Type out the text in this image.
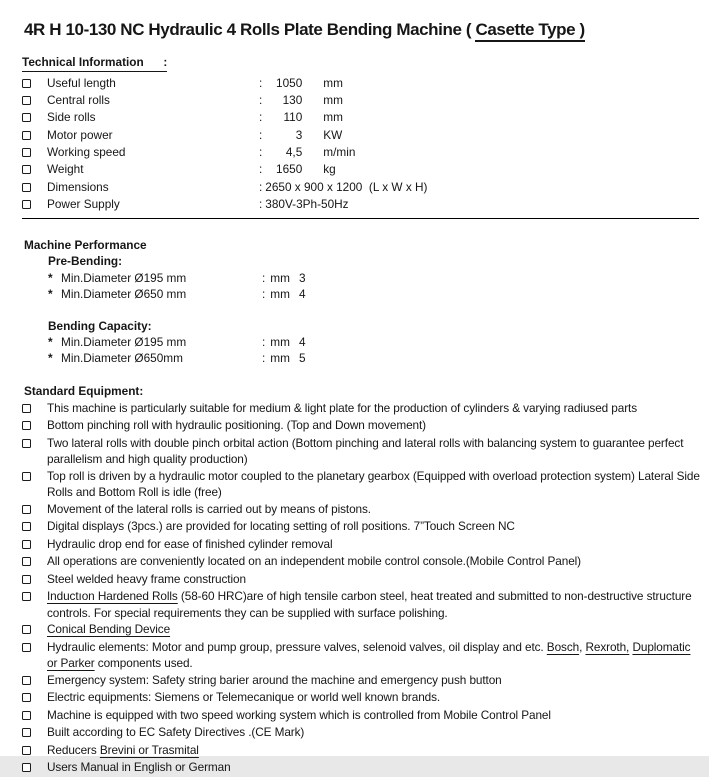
4R H 10-130 NC Hydraulic 4 Rolls Plate Bending Machine ( Casette Type )
Technical Information      :
Useful length	: 1050 mm
Central rolls	: 130 mm
Side rolls	: 110 mm
Motor power	:	3 KW
Working speed	: 4,5 m/min
Weight	: 1650 kg
Dimensions	: 2650 x 900 x 1200  (L x W x H)
Power Supply	: 380V-3Ph-50Hz
Machine Performance
Pre-Bending:
* Min.Diameter Ø195 mm	: mm 3
* Min.Diameter Ø650 mm	: mm 4
Bending Capacity:
* Min.Diameter Ø195 mm	: mm 4
* Min.Diameter Ø650mm	: mm 5
Standard Equipment:
This machine is particularly suitable for medium & light plate for the production of cylinders & varying radiused parts
Bottom pinching roll with hydraulic positioning. (Top and Down movement)
Two lateral rolls with double pinch orbital action (Bottom pinching and lateral rolls with balancing system to guarantee perfect parallelism and high quality production)
Top roll is driven by a hydraulic motor coupled to the planetary gearbox (Equipped with overload protection system) Lateral Side Rolls and Bottom Roll is idle (free)
Movement of the lateral rolls is carried out by means of pistons.
Digital displays (3pcs.) are provided for locating setting of roll positions. 7”Touch Screen NC
Hydraulic drop end for ease of finished cylinder removal
All operations are conveniently located on an independent mobile control console.(Mobile Control Panel)
Steel welded heavy frame construction
Inductıon Hardened Rolls (58-60 HRC)are of high tensile carbon steel, heat treated and submitted to non-destructive structure controls. For special requirements they can be supplied with surface polishing.
Conical Bending Device
Hydraulic elements: Motor and pump group, pressure valves, selenoid valves, oil display and etc. Bosch, Rexroth, Duplomatic or Parker components used.
Emergency system: Safety string barier around the machine and emergency push button
Electric equipments: Siemens or Telemecanique or world well known brands.
Machine is equipped with two speed working system which is controlled from Mobile Control Panel
Built according to EC Safety Directives .(CE Mark)
Reducers Brevini or Trasmital
Users Manual in English or German
